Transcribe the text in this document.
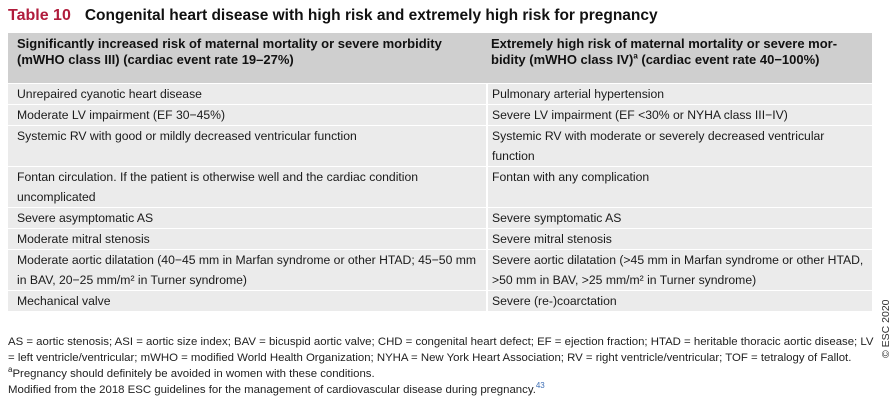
Table 10 Congenital heart disease with high risk and extremely high risk for pregnancy
Significantly increased risk of maternal mortality or severe morbidity (mWHO class III) (cardiac event rate 19–27%)	Extremely high risk of maternal mortality or severe mor-bidity (mWHO class IV)$^a$ (cardiac event rate 40−100%)
Unrepaired cyanotic heart disease	Pulmonary arterial hypertension
Moderate LV impairment (EF 30−45%)	Severe LV impairment (EF <30% or NYHA class III−IV)
Systemic RV with good or mildly decreased ventricular function	Systemic RV with moderate or severely decreased ventricular function
Fontan circulation. If the patient is otherwise well and the cardiac condition uncomplicated	Fontan with any complication
Severe asymptomatic AS	Severe symptomatic AS
Moderate mitral stenosis	Severe mitral stenosis
Moderate aortic dilatation (40−45 mm in Marfan syndrome or other HTAD; 45−50 mm in BAV, 20−25 mm/m² in Turner syndrome)	Severe aortic dilatation (>45 mm in Marfan syndrome or other HTAD, >50 mm in BAV, >25 mm/m² in Turner syndrome)
Mechanical valve	Severe (re-)coarctation
AS = aortic stenosis; ASI = aortic size index; BAV = bicuspid aortic valve; CHD = congenital heart defect; EF = ejection fraction; HTAD = heritable thoracic aortic disease; LV
= left ventricle/ventricular; mWHO = modified World Health Organization; NYHA = New York Heart Association; RV = right ventricle/ventricular; TOF = tetralogy of Fallot.
$^a$Pregnancy should definitely be avoided in women with these conditions.
Modified from the 2018 ESC guidelines for the management of cardiovascular disease during pregnancy.$^{43}$
© ESC 2020
